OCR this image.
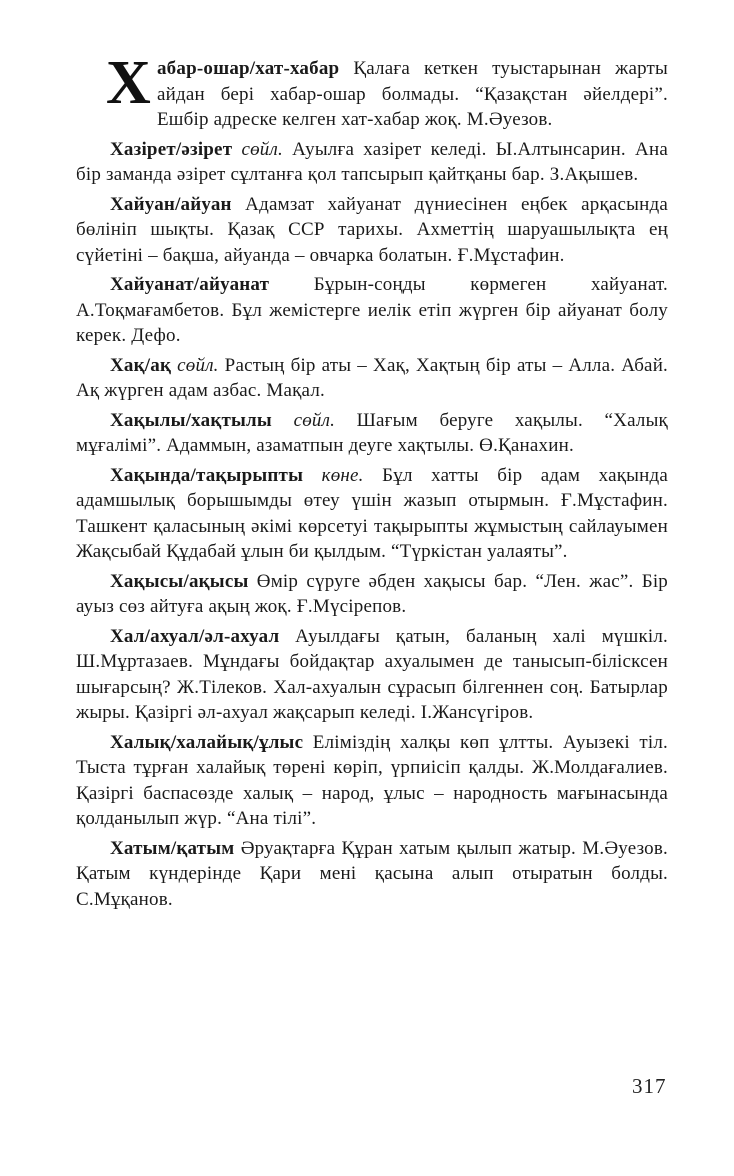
Х абар-ошар/хат-хабар Қалаға кеткен туыстарынан жарты айдан бері хабар-ошар болмады. “Қазақстан әйелдері”. Ешбір адреске келген хат-хабар жоқ. М.Әуезов.

Хазірет/әзірет сөйл. Ауылға хазірет келеді. Ы.Алтынсарин. Ана бір заманда әзірет сұлтанға қол тапсырып қайтқаны бар. З.Ақышев.

Хайуан/айуан Адамзат хайуанат дүниесінен еңбек арқасында бөлініп шықты. Қазақ ССР тарихы. Ахметтің шаруашылықта ең сүйетіні – бақша, айуанда – овчарка болатын. Ғ.Мұстафин.

Хайуанат/айуанат Бұрын-соңды көрмеген хайуанат. А.Тоқмағамбетов. Бұл жемістерге иелік етіп жүрген бір айуанат болу керек. Дефо.

Хақ/ақ сөйл. Растың бір аты – Хақ, Хақтың бір аты – Алла. Абай. Ақ жүрген адам азбас. Мақал.

Хақылы/хақтылы сөйл. Шағым беруге хақылы. “Халық мұғалімі”. Адаммын, азаматпын деуге хақтылы. Ө.Қанахин.

Хақында/тақырыпты көне. Бұл хатты бір адам хақында адамшылық борышымды өтеу үшін жазып отырмын. Ғ.Мұстафин. Ташкент қаласының әкімі көрсетуі тақырыпты жұмыстың сайлауымен Жақсыбай Құдабай ұлын би қылдым. “Түркістан уалаяты”.

Хақысы/ақысы Өмір сүруге әбден хақысы бар. “Лен. жас”. Бір ауыз сөз айтуға ақың жоқ. Ғ.Мүсірепов.

Хал/ахуал/әл-ахуал Ауылдағы қатын, баланың халі мүшкіл. Ш.Мұртазаев. Мұндағы бойдақтар ахуалымен де танысып-білісксен шығарсың? Ж.Тілеков. Хал-ахуалын сұрасып білгеннен соң. Батырлар жыры. Қазіргі әл-ахуал жақсарып келеді. І.Жансүгіров.

Халық/халайық/ұлыс Еліміздің халқы көп ұлтты. Ауызекі тіл. Тыста тұрған халайық төрені көріп, үрпиісіп қалды. Ж.Молдағалиев. Қазіргі баспасөзде халық – народ, ұлыс – народность мағынасында қолданылып жүр. “Ана тілі”.

Хатым/қатым Әруақтарға Құран хатым қылып жатыр. М.Әуезов. Қатым күндерінде Қари мені қасына алып отыратын болды. С.Мұқанов.

317
